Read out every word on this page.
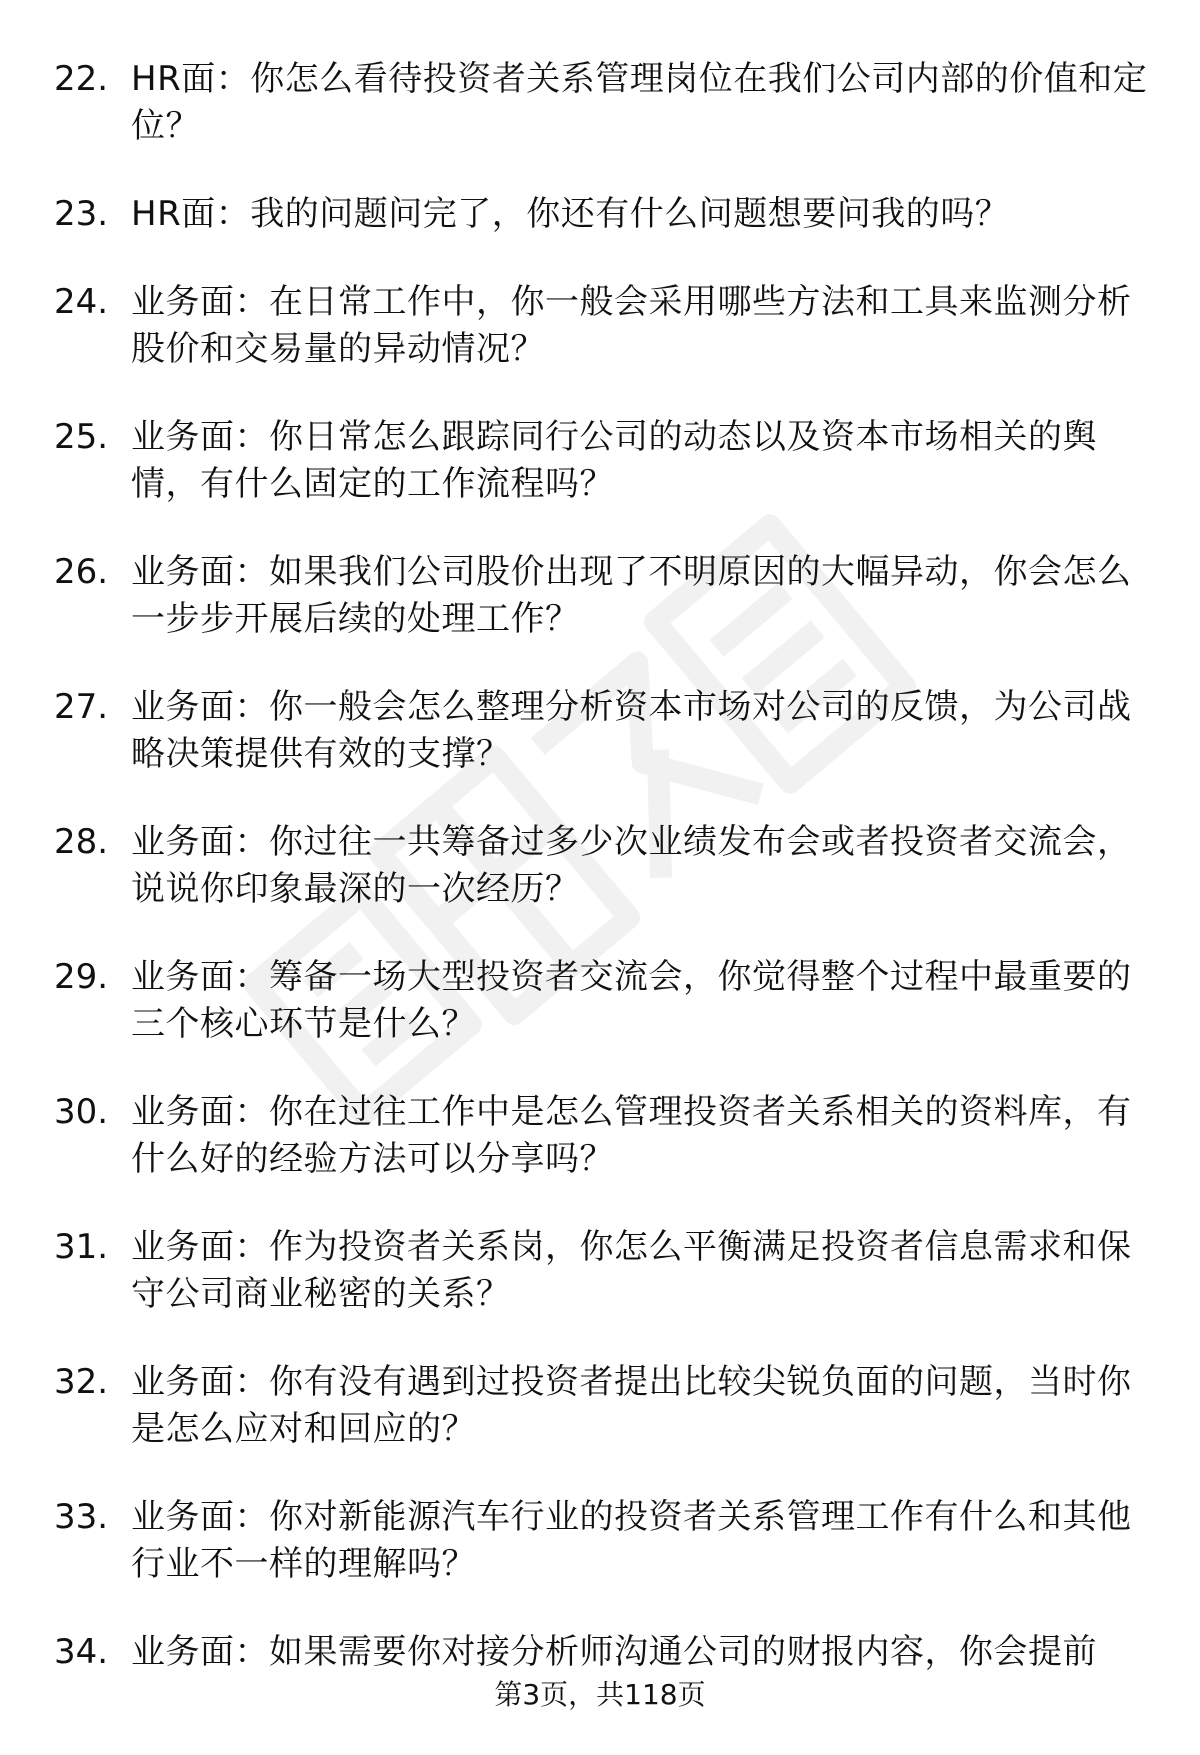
22. HR面：你怎么看待投资者关系管理岗位在我们公司内部的价值和定位？
23. HR面：我的问题问完了，你还有什么问题想要问我的吗？
24. 业务面：在日常工作中，你一般会采用哪些方法和工具来监测分析股价和交易量的异动情况？
25. 业务面：你日常怎么跟踪同行公司的动态以及资本市场相关的舆情，有什么固定的工作流程吗？
26. 业务面：如果我们公司股价出现了不明原因的大幅异动，你会怎么一步步开展后续的处理工作？
27. 业务面：你一般会怎么整理分析资本市场对公司的反馈，为公司战略决策提供有效的支撑？
28. 业务面：你过往一共筹备过多少次业绩发布会或者投资者交流会，说说你印象最深的一次经历？
29. 业务面：筹备一场大型投资者交流会，你觉得整个过程中最重要的三个核心环节是什么？
30. 业务面：你在过往工作中是怎么管理投资者关系相关的资料库，有什么好的经验方法可以分享吗？
31. 业务面：作为投资者关系岗，你怎么平衡满足投资者信息需求和保守公司商业秘密的关系？
32. 业务面：你有没有遇到过投资者提出比较尖锐负面的问题，当时你是怎么应对和回应的？
33. 业务面：你对新能源汽车行业的投资者关系管理工作有什么和其他行业不一样的理解吗？
34. 业务面：如果需要你对接分析师沟通公司的财报内容，你会提前
第3页，共118页
